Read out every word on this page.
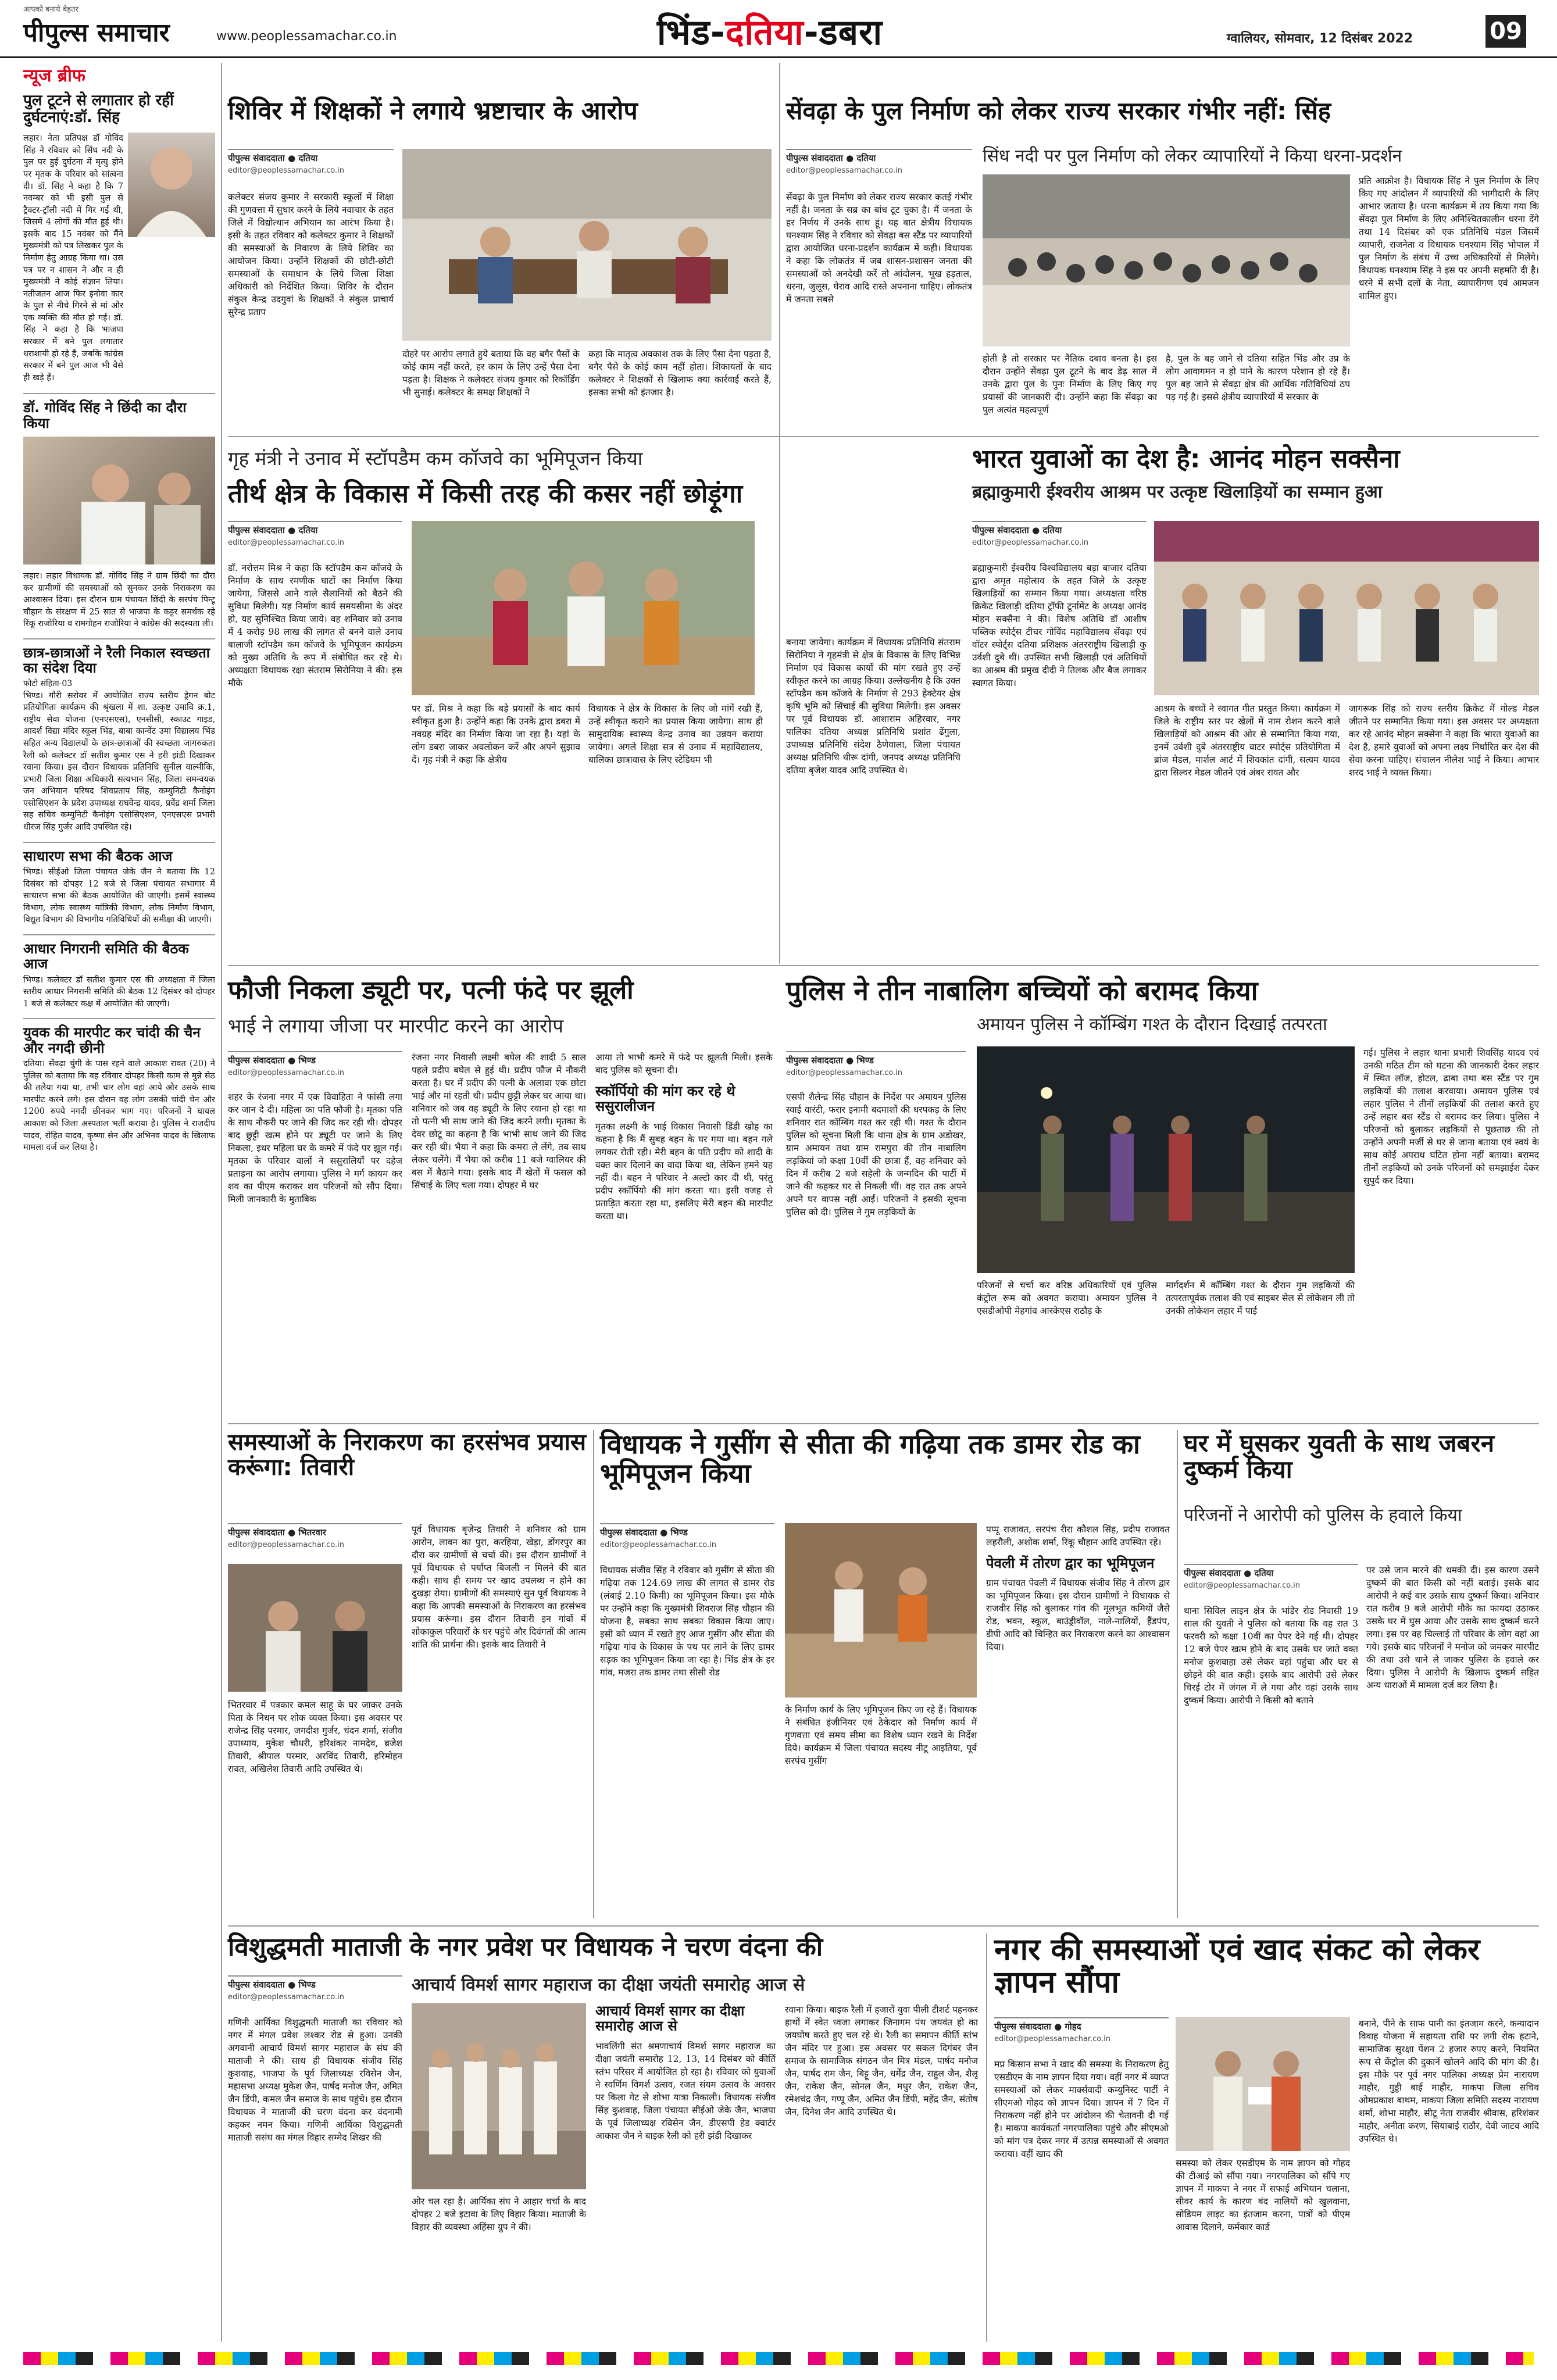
आपको बनाये बेहतर
पीपुल्स समाचार	www.peoplessamachar.co.in	भिंड-दतिया-डबरा	ग्वालियर, सोमवार, 12 दिसंबर 2022	09
न्यूज ब्रीफ
पुल टूटने से लगातार हो रहीं दुर्घटनाएं:डॉ. सिंह
लहार। नेता प्रतिपक्ष डॉ गोविंद सिंह ने रविवार को सिंध नदी के पुल पर हुई दुर्घटना में मृत्यु होने पर मृतक के परिवार को सांत्वना दी। डॉ. सिंह ने कहा है कि 7 नवम्बर को भी इसी पुल से ट्रैक्टर-ट्रॉली नदी में गिर गई थी, जिसमें 4 लोगों की मौत हुई थी। इसके बाद 15 नवंबर को मैंने मुख्यमंत्री को पत्र लिखकर पुल के निर्माण हेतु आग्रह किया था। उस पत्र पर न शासन ने और न ही मुख्यमंत्री ने कोई संज्ञान लिया। नतीजतन आज फिर इनोवा कार के पुल से नीचे गिरने से मां और एक व्यक्ति की मौत हो गई। डॉ. सिंह ने कहा है कि भाजपा सरकार में बने पुल लगातार धराशायी हो रहे हैं, जबकि कांग्रेस सरकार में बने पुल आज भी वैसे ही खड़े हैं।
डॉ. गोविंद सिंह ने छिंदी का दौरा किया
लहार। लहार विधायक डॉ. गोविंद सिंह ने ग्राम छिंदी का दौरा कर ग्रामीणों की समस्याओं को सुनकर उनके निराकरण का आश्वासन दिया। इस दौरान ग्राम पंचायत छिंदी के सरपंच पिन्टू चौहान के संरक्षण में 25 सात से भाजपा के कट्टर समर्थक रहे रिंकू राजोरिया व रामगोहन राजोरिया ने कांग्रेस की सदस्यता ली।
छात्र-छात्राओं ने रैली निकाल स्वच्छता का संदेश दिया
फोटो संहिता-03
भिण्ड। गौरी सरोवर में आयोजित राज्य स्तरीय ड्रेगन बोट प्रतियोगिता कार्यक्रम की श्रृंखला में शा. उत्कृष्ट उमावि क्र.1, राष्ट्रीय सेवा योजना (एनएसएस), एनसीसी, स्काउट गाइड, आदर्श विद्या मंदिर स्कूल भिंड, बाबा कान्वेंट उमा विद्यालय भिंड सहित अन्य विद्यालयों के छात्र-छात्राओं की स्वच्छता जागरुकता रैली को कलेक्टर डॉ सतीश कुमार एस ने हरी झंडी दिखाकर रवाना किया। इस दौरान विधायक प्रतिनिधि सुनील वाल्मीकि, प्रभारी जिला शिक्षा अधिकारी सत्यभान सिंह, जिला समन्वयक जन अभियान परिषद शिवप्रताप सिंह, कम्युनिटी कैनोइंग एसोसिएशन के प्रदेश उपाध्यक्ष राघवेन्द्र यादव, प्रवेंद्र शर्मा जिला सह सचिव कम्युनिटी कैनोइंग एसोसिएशन, एनएसएस प्रभारी धीरज सिंह गुर्जर आदि उपस्थित रहे।
साधारण सभा की बैठक आज
भिण्ड। सीईओ जिला पंचायत जेके जैन ने बताया कि 12 दिसंबर को दोपहर 12 बजे से जिला पंचायत सभागार में साधारण सभा की बैठक आयोजित की जाएगी। इसमें स्वास्थ्य विभाग, लोक स्वास्थ्य यांत्रिकी विभाग, लोक निर्माण विभाग, विद्युत विभाग की विभागीय गतिविधियों की समीक्षा की जाएगी।
आधार निगरानी समिति की बैठक आज
भिण्ड। कलेक्टर डॉ सतीश कुमार एस की अध्यक्षता में जिला स्तरीय आधार निगरानी समिति की बैठक 12 दिसंबर को दोपहर 1 बजे से कलेक्टर कक्ष में आयोजित की जाएगी।
युवक की मारपीट कर चांदी की चैन और नगदी छीनी
दतिया। सेंवढ़ा चुंगी के पास रहने वाले आकाश रावत (20) ने पुलिस को बताया कि वह रविवार दोपहर किसी काम से मुन्ने सेठ की तलैया गया था, तभी चार लोग वहां आये और उसके साथ मारपीट करने लगे। इस दौरान वह लोग उसकी चांदी चेन और 1200 रुपये नगदी छीनकर भाग गए। परिजनों ने घायल आकाश को जिला अस्पताल भर्ती कराया है। पुलिस ने राजदीप यादव, रोहित यादव, कृष्णा सेन और अभिनव यादव के खिलाफ मामला दर्ज कर लिया है।
शिविर में शिक्षकों ने लगाये भ्रष्टाचार के आरोप
पीपुल्स संवाददाता ● दतिया
editor@peoplessamachar.co.in
कलेक्टर संजय कुमार ने सरकारी स्कूलों में शिक्षा की गुणवत्ता में सुधार करने के लिये नवाचार के तहत जिले में विद्योत्थान अभियान का आरंभ किया है। इसी के तहत रविवार को कलेक्टर कुमार ने शिक्षकों की समस्याओं के निवारण के लिये शिविर का आयोजन किया। उन्होंने शिक्षकों की छोटी-छोटी समस्याओं के समाधान के लिये जिला शिक्षा अधिकारी को निर्देशित किया। शिविर के दौरान संकुल केन्द्र उदगुवां के शिक्षकों ने संकुल प्राचार्य सुरेन्द्र प्रताप
दोहरे पर आरोप लगाते हुये बताया कि वह बगैर पैसों के कोई काम नहीं करते, हर काम के लिए उन्हें पैसा देना पड़ता है। शिक्षक ने कलेक्टर संजय कुमार को रिकॉर्डिंग भी सुनाई। कलेक्टर के समक्ष शिक्षकों ने
कहा कि मातृत्व अवकाश तक के लिए पैसा देना पड़ता है, बगैर पैसे के कोई काम नहीं होता। शिकायतों के बाद कलेक्टर ने शिक्षकों से खिलाफ क्या कार्रवाई करते हैं, इसका सभी को इंतजार है।
सेंवढ़ा के पुल निर्माण को लेकर राज्य सरकार गंभीर नहीं: सिंह
सिंध नदी पर पुल निर्माण को लेकर व्यापारियों ने किया धरना-प्रदर्शन
पीपुल्स संवाददाता ● दतिया
editor@peoplessamachar.co.in
सेंवढ़ा के पुल निर्माण को लेकर राज्य सरकार कतई गंभीर नहीं है। जनता के सब्र का बांध टूट चुका है। मैं जनता के हर निर्णय में उनके साथ हूं। यह बात क्षेत्रीय विधायक घनश्याम सिंह ने रविवार को सेंवढ़ा बस स्टैंड पर व्यापारियों द्वारा आयोजित धरना-प्रदर्शन कार्यक्रम में कही। विधायक ने कहा कि लोकतंत्र में जब शासन-प्रशासन जनता की समस्याओं को अनदेखी करें तो आंदोलन, भूख हड़ताल, धरना, जुलूस, घेराव आदि रास्ते अपनाना चाहिए। लोकतंत्र में जनता सबसे
होती है तो सरकार पर नैतिक दबाव बनता है। इस दौरान उन्होंने सेंवढ़ा पुल टूटने के बाद डेढ़ साल में उनके द्वारा पुल के पुनः निर्माण के लिए किए गए प्रयासों की जानकारी दी। उन्होंने कहा कि सेंवढ़ा का पुल अत्यंत महत्वपूर्ण
है, पुल के बह जाने से दतिया सहित भिंड और उप्र के लोग आवागमन न हो पाने के कारण परेशान हो रहे हैं। पुल बह जाने से सेंवढ़ा क्षेत्र की आर्थिक गतिविधियां ठप पड़ गई है। इससे क्षेत्रीय व्यापारियों में सरकार के
प्रति आक्रोश है। विधायक सिंह ने पुल निर्माण के लिए किए गए आंदोलन में व्यापारियों की भागीदारी के लिए आभार जताया है। धरना कार्यक्रम में तय किया गया कि सेंवढ़ा पुल निर्माण के लिए अनिश्चितकालीन धरना देंगे तथा 14 दिसंबर को एक प्रतिनिधि मंडल जिसमें व्यापारी, राजनेता व विधायक घनश्याम सिंह भोपाल में पुल निर्माण के संबंध में उच्च अधिकारियों से मिलेंगे। विधायक घनश्याम सिंह ने इस पर अपनी सहमति दी है। धरने में सभी दलों के नेता, व्यापारीगण एवं आमजन शामिल हुए।
गृह मंत्री ने उनाव में स्टॉपडैम कम कॉजवे का भूमिपूजन किया
तीर्थ क्षेत्र के विकास में किसी तरह की कसर नहीं छोड़ूंगा
पीपुल्स संवाददाता ● दतिया
editor@peoplessamachar.co.in
डॉ. नरोत्तम मिश्र ने कहा कि स्टॉपडैम कम कॉजवे के निर्माण के साथ रमणीक घाटों का निर्माण किया जायेगा, जिससे आने वाले सैलानियों को बैठने की सुविधा मिलेगी। यह निर्माण कार्य समयसीमा के अंदर हो, यह सुनिश्चित किया जाये। वह शनिवार को उनाव में 4 करोड़ 98 लाख की लागत से बनने वाले उनाव बालाजी स्टॉपडैम कम कॉजवे के भूमिपूजन कार्यक्रम को मुख्य अतिथि के रूप में संबोधित कर रहे थे। अध्यक्षता विधायक रक्षा संतराम सिरोनिया ने की। इस मौके
पर डॉ. मिश्र ने कहा कि बड़े प्रयासों के बाद कार्य स्वीकृत हुआ है। उन्होंने कहा कि उनके द्वारा डबरा में नवग्रह मंदिर का निर्माण किया जा रहा है। यहां के लोग डबरा जाकर अवलोकन करें और अपने सुझाव दें। गृह मंत्री ने कहा कि क्षेत्रीय
विधायक ने क्षेत्र के विकास के लिए जो मांगें रखी हैं, उन्हें स्वीकृत कराने का प्रयास किया जायेगा। साथ ही सामुदायिक स्वास्थ्य केन्द्र उनाव का उन्नयन कराया जायेगा। अगले शिक्षा सत्र से उनाव में महाविद्यालय, बालिका छात्रावास के लिए स्टेडियम भी
बनाया जायेगा। कार्यक्रम में विधायक प्रतिनिधि संतराम सिरोनिया ने गृहमंत्री से क्षेत्र के विकास के लिए विभिन्न निर्माण एवं विकास कार्यों की मांग रखते हुए उन्हें स्वीकृत करने का आग्रह किया। उल्लेखनीय है कि उक्त स्टॉपडैम कम कॉजवे के निर्माण से 293 हेक्टेयर क्षेत्र कृषि भूमि को सिंचाई की सुविधा मिलेगी। इस अवसर पर पूर्व विधायक डॉ. आशाराम अहिरवार, नगर पालिका दतिया अध्यक्ष प्रतिनिधि प्रशांत ढेंगुला, उपाध्यक्ष प्रतिनिधि संदेश ठैणेवाला, जिला पंचायत अध्यक्ष प्रतिनिधि धीरू दांगी, जनपद अध्यक्ष प्रतिनिधि दतिया बृजेश यादव आदि उपस्थित थे।
भारत युवाओं का देश है: आनंद मोहन सक्सैना
ब्रह्माकुमारी ईश्वरीय आश्रम पर उत्कृष्ट खिलाड़ियों का सम्मान हुआ
पीपुल्स संवाददाता ● दतिया
editor@peoplessamachar.co.in
ब्रह्माकुमारी ईश्वरीय विश्वविद्यालय बड़ा बाजार दतिया द्वारा अमृत महोत्सव के तहत जिले के उत्कृष्ट खिलाड़ियों का सम्मान किया गया। अध्यक्षता वरिष्ठ क्रिकेट खिलाड़ी दतिया ट्रॉफी टूर्नामेंट के अध्यक्ष आनंद मोहन सक्सैना ने की। विशेष अतिथि डॉ आशीष पब्लिक स्पोर्ट्स टीचर गोविंद महाविद्यालय सेंवढ़ा एवं वॉटर स्पोर्ट्स दतिया प्रशिक्षक अंतरराष्ट्रीय खिलाड़ी कु उर्वशी दुबे थीं। उपस्थित सभी खिलाड़ी एवं अतिथियों का आश्रम की प्रमुख दीदी ने तिलक और बैज लगाकर स्वागत किया।
आश्रम के बच्चों ने स्वागत गीत प्रस्तुत किया। कार्यक्रम में जिले के राष्ट्रीय स्तर पर खेलों में नाम रोशन करने वाले खिलाड़ियों को आश्रम की ओर से सम्मानित किया गया, इनमें उर्वशी दुबे अंतरराष्ट्रीय वाटर स्पोर्ट्स प्रतियोगिता में ब्रांज मेडल, मार्शल आर्ट में शिवकांत दांगी, सत्यम यादव द्वारा सिल्वर मेडल जीतने एवं अंबर रावत और
जागरूक सिंह को राज्य स्तरीय क्रिकेट में गोल्ड मेडल जीतने पर सम्मानित किया गया। इस अवसर पर अध्यक्षता कर रहे आनंद मोहन सक्सेना ने कहा कि भारत युवाओं का देश है, हमारे युवाओं को अपना लक्ष्य निर्धारित कर देश की सेवा करना चाहिए। संचालन नीलेश भाई ने किया। आभार शरद भाई ने व्यक्त किया।
फौजी निकला ड्यूटी पर, पत्नी फंदे पर झूली
भाई ने लगाया जीजा पर मारपीट करने का आरोप
पीपुल्स संवाददाता ● भिण्ड
editor@peoplessamachar.co.in
शहर के रंजना नगर में एक विवाहिता ने फांसी लगा कर जान दे दी। महिला का पति फौजी है। मृतका पति के साथ नौकरी पर जाने की जिद कर रही थी। दोपहर बाद छुट्टी खत्म होने पर ड्यूटी पर जाने के लिए निकला, इधर महिला घर के कमरे में फंदे पर झूल गई। मृतका के परिवार वालों ने ससुरालियों पर दहेज प्रताड़ना का आरोप लगाया। पुलिस ने मर्ग कायम कर शव का पीएम कराकर शव परिजनों को सौंप दिया। मिली जानकारी के मुताबिक
रंजना नगर निवासी लक्ष्मी बघेल की शादी 5 साल पहले प्रदीप बघेल से हुई थी। प्रदीप फौज में नौकरी करता है। घर में प्रदीप की पत्नी के अलावा एक छोटा भाई और मां रहती थी। प्रदीप छुट्टी लेकर घर आया था। शनिवार को जब वह ड्यूटी के लिए रवाना हो रहा था तो पत्नी भी साथ जाने की जिद करने लगी। मृतका के देवर छोटू का कहना है कि भाभी साथ जाने की जिद कर रही थी। भैया ने कहा कि कमरा ले लेंगे, तब साथ लेकर चलेंगे। मैं भैया को करीब 11 बजे ग्वालियर की बस में बैठाने गया। इसके बाद मैं खेतों में फसल को सिंचाई के लिए चला गया। दोपहर में घर
आया तो भाभी कमरे में फंदे पर झूलती मिली। इसके बाद पुलिस को सूचना दी।
स्कॉर्पियो की मांग कर रहे थे ससुरालीजन
मृतका लक्ष्मी के भाई विकास निवासी डिंडी खोह का कहना है कि मैं सुबह बहन के घर गया था। बहन गले लगकर रोती रही। मेरी बहन के पति प्रदीप को शादी के वक्त कार दिलाने का वादा किया था, लेकिन हमने यह नहीं दी। बहन ने परिवार ने अल्टो कार दी थी, परंतु प्रदीप स्कॉर्पियो की मांग करता था। इसी वजह से प्रताड़ित करता रहा था, इसलिए मेरी बहन की मारपीट करता था।
पुलिस ने तीन नाबालिग बच्चियों को बरामद किया
अमायन पुलिस ने कॉम्बिंग गश्त के दौरान दिखाई तत्परता
पीपुल्स संवाददाता ● भिण्ड
editor@peoplessamachar.co.in
एसपी शैलेन्द्र सिंह चौहान के निर्देश पर अमायन पुलिस स्वाई वारंटी, फरार इनामी बदमाशों की धरपकड़ के लिए शनिवार रात कॉम्बिंग गश्त कर रही थी। गश्त के दौरान पुलिस को सूचना मिली कि थाना क्षेत्र के ग्राम अडोखर, ग्राम अमायन तथा ग्राम रामपुरा की तीन नाबालिग लड़कियां जो कक्षा 10वीं की छात्रा हैं, वह शनिवार को दिन में करीब 2 बजे सहेली के जन्मदिन की पार्टी में जाने की कहकर घर से निकली थीं। वह रात तक अपने अपने घर वापस नहीं आईं। परिजनों ने इसकी सूचना पुलिस को दी। पुलिस ने गुम लड़कियों के
परिजनों से चर्चा कर वरिष्ठ अधिकारियों एवं पुलिस कंट्रोल रूम को अवगत कराया। अमायन पुलिस ने एसडीओपी मेहगांव आरकेएस राठौड़ के
मार्गदर्शन में कॉम्बिंग गश्त के दौरान गुम लड़कियों की तत्परतापूर्वक तलाश की एवं साइबर सेल से लोकेशन ली तो उनकी लोकेशन लहार में पाई
गई। पुलिस ने लहार थाना प्रभारी शिवसिंह यादव एवं उनकी गठित टीम को घटना की जानकारी देकर लहार में स्थित लॉज, होटल, ढाबा तथा बस स्टैंड पर गुम लड़कियों की तलाश करवाया। अमायन पुलिस एवं लहार पुलिस ने तीनों लड़कियों की तलाश करते हुए उन्हें लहार बस स्टैंड से बरामद कर लिया। पुलिस ने परिजनों को बुलाकर लड़कियों से पूछताछ की तो उन्होंने अपनी मर्जी से घर से जाना बताया एवं स्वयं के साथ कोई अपराध घटित होना नहीं बताया। बरामद तीनों लड़कियों को उनके परिजनों को समझाईश देकर सुपुर्द कर दिया।
समस्याओं के निराकरण का हरसंभव प्रयास करूंगा: तिवारी
पीपुल्स संवाददाता ● भितरवार
editor@peoplessamachar.co.in
पूर्व विधायक बृजेन्द्र तिवारी ने शनिवार को ग्राम आरोन, लावन का पुरा, करहिया, खेड़ा, डोंगरपुर का दौरा कर ग्रामीणों से चर्चा की। इस दौरान ग्रामीणों ने पूर्व विधायक से पर्याप्त बिजली न मिलने की बात कही। साथ ही समय पर खाद उपलब्ध न होने का दुखड़ा रोया। ग्रामीणों की समस्याएं सुन पूर्व विधायक ने कहा कि आपकी समस्याओं के निराकरण का हरसंभव प्रयास करूंगा। इस दौरान तिवारी इन गांवों में शोकाकुल परिवारों के घर पहुंचे और दिवंगतों की आत्म शांति की प्रार्थना की। इसके बाद तिवारी ने
भितरवार में पत्रकार कमल साहू के घर जाकर उनके पिता के निधन पर शोक व्यक्त किया। इस अवसर पर राजेन्द्र सिंह परमार, जगदीश गुर्जर, चंदन शर्मा, संजीव उपाध्याय, मुकेश चौधरी, हरिशंकर नामदेव, ब्रजेश तिवारी, श्रीपाल परमार, अरविंद तिवारी, हरिमोहन रावत, अखिलेश तिवारी आदि उपस्थित थे।
विधायक ने गुसींग से सीता की गढ़िया तक डामर रोड का भूमिपूजन किया
पीपुल्स संवाददाता ● भिण्ड
editor@peoplessamachar.co.in
विधायक संजीव सिंह ने रविवार को गुसींग से सीता की गढ़िया तक 124.69 लाख की लागत से डामर रोड (लंबाई 2.10 किमी) का भूमिपूजन किया। इस मौके पर उन्होंने कहा कि मुख्यमंत्री शिवराज सिंह चौहान की योजना है, सबका साथ सबका विकास किया जाए। इसी को ध्यान में रखते हुए आज गुसींग और सीता की गढ़िया गांव के विकास के पथ पर लाने के लिए डामर सड़क का भूमिपूजन किया जा रहा है। भिंड क्षेत्र के हर गांव, मजरा तक डामर तथा सीसी रोड
के निर्माण कार्य के लिए भूमिपूजन किए जा रहे हैं। विधायक ने संबंधित इंजीनियर एवं ठेकेदार को निर्माण कार्य में गुणवत्ता एवं समय सीमा का विशेष ध्यान रखने के निर्देश दिये। कार्यक्रम में जिला पंचायत सदस्य नीटू आइतिया, पूर्व सरपंच गुसींग
पप्पू राजावत, सरपंच रीरा कौशल सिंह, प्रदीप राजावत लहरौली, अशोक शर्मा, रिंकू चौहान आदि उपस्थित रहे।
पेवली में तोरण द्वार का भूमिपूजन
ग्राम पंचायत पेवली में विधायक संजीव सिंह ने तोरण द्वार का भूमिपूजन किया। इस दौरान ग्रामीणों ने विधायक से राजवीर सिंह को बुलाकर गांव की मूलभूत कमियों जैसे रोड, भवन, स्कूल, बाउंड्रीवॉल, नाले-नालियों, हैंडपंप, डीपी आदि को चिन्हित कर निराकरण करने का आश्वासन दिया।
घर में घुसकर युवती के साथ जबरन दुष्कर्म किया
परिजनों ने आरोपी को पुलिस के हवाले किया
पीपुल्स संवाददाता ● दतिया
editor@peoplessamachar.co.in
थाना सिविल लाइन क्षेत्र के भांडेर रोड निवासी 19 साल की युवती ने पुलिस को बताया कि वह रात 3 फरवरी को कक्षा 10वीं का पेपर देने गई थी। दोपहर 12 बजे पेपर खत्म होने के बाद उसके घर जाते वक्त मनोज कुशवाहा उसे लेकर वहां पहुंचा और घर से छोड़ने की बात कही। इसके बाद आरोपी उसे लेकर चिरई टोर में जंगल में ले गया और वहां उसके साथ दुष्कर्म किया। आरोपी ने किसी को बताने
पर उसे जान मारने की धमकी दी। इस कारण उसने दुष्कर्म की बात किसी को नहीं बताई। इसके बाद आरोपी ने कई बार उसके साथ दुष्कर्म किया। शनिवार रात करीब 9 बजे आरोपी मौके का फायदा उठाकर उसके घर में घुस आया और उसके साथ दुष्कर्म करने लगा। इस पर वह चिल्लाई तो परिवार के लोग वहां आ गये। इसके बाद परिजनों ने मनोज को जमकर मारपीट की तथा उसे थाने ले जाकर पुलिस के हवाले कर दिया। पुलिस ने आरोपी के खिलाफ दुष्कर्म सहित अन्य धाराओं में मामला दर्ज कर लिया है।
विशुद्धमती माताजी के नगर प्रवेश पर विधायक ने चरण वंदना की
आचार्य विमर्श सागर महाराज का दीक्षा जयंती समारोह आज से
पीपुल्स संवाददाता ● भिण्ड
editor@peoplessamachar.co.in
गणिनी आर्यिका विशुद्धमती माताजी का रविवार को नगर में मंगल प्रवेश लश्कर रोड से हुआ। उनकी अगवानी आचार्य विमर्श सागर महाराज के संघ की माताजी ने की। साथ ही विधायक संजीव सिंह कुशवाह, भाजपा के पूर्व जिलाध्यक्ष रविसेन जैन, महासभा अध्यक्ष मुकेश जैन, पार्षद मनोज जैन, अमित जैन डिंपी, कमल जैन समाज के साथ पहुंचे। इस दौरान विधायक ने माताजी की चरण वंदना कर वंदनामी कहकर नमन किया। गणिनी आर्यिका विशुद्धमती माताजी ससंघ का मंगल विहार सम्मेद शिखर की
ओर चल रहा है। आर्यिका संघ ने आहार चर्चा के बाद दोपहर 2 बजे इटावा के लिए विहार किया। माताजी के विहार की व्यवस्था अहिंसा ग्रुप ने की।
आचार्य विमर्श सागर का दीक्षा समारोह आज से
भावलिंगी संत श्रमणाचार्य विमर्श सागर महाराज का दीक्षा जयंती समारोह 12, 13, 14 दिसंबर को कीर्ति स्तंभ परिसर में आयोजित हो रहा है। रविवार को युवाओं ने स्वर्णिम विमर्श उत्सव, रजत संयम उत्सव के अवसर पर किला गेट से शोभा यात्रा निकाली। विधायक संजीव सिंह कुशवाह, जिला पंचायत सीईओ जेके जैन, भाजपा के पूर्व जिलाध्यक्ष रविसेन जैन, डीएसपी हेड क्वार्टर आकाश जैन ने बाइक रैली को हरी झंडी दिखाकर
रवाना किया। बाइक रैली में हजारों युवा पीली टीशर्ट पहनकर हाथों में स्वेत ध्वजा लगाकर जिनागम पंथ जयवंत हो का जयघोष करते हुए चल रहे थे। रैली का समापन कीर्ति स्तंभ जैन मंदिर पर हुआ। इस अवसर पर सकल दिगंबर जैन समाज के सामाजिक संगठन जैन मित्र मंडल, पार्षद मनोज जैन, पार्षद राम जैन, बिट्टू जैन, धर्मेंद्र जैन, राहुल जैन, शैलू जैन, राकेश जैन, सोनल जैन, मधुर जैन, राकेश जैन, रमेशचंद्र जैन, गप्पू जैन, अमित जैन डिंपी, महेंद्र जैन, संतोष जैन, दिनेश जैन आदि उपस्थित थे।
नगर की समस्याओं एवं खाद संकट को लेकर ज्ञापन सौंपा
पीपुल्स संवाददाता ● गोहद
editor@peoplessamachar.co.in
मप्र किसान सभा ने खाद की समस्या के निराकरण हेतु एसडीएम के नाम ज्ञापन दिया गया। वहीं नगर में व्याप्त समस्याओं को लेकर मार्क्सवादी कम्युनिस्ट पार्टी ने सीएमओ गोहद को ज्ञापन दिया। ज्ञापन में 7 दिन में निराकरण नहीं होने पर आंदोलन की चेतावनी दी गई है। माकपा कार्यकर्ता नगरपालिका पहुंचे और सीएमओ को मांग पत्र देकर नगर में उत्पन्न समस्याओं से अवगत कराया। वहीं खाद की
समस्या को लेकर एसडीएम के नाम ज्ञापन को गोहद की टीआई को सौंपा गया। नगरपालिका को सौंपे गए ज्ञापन में माकपा ने नगर में सफाई अभियान चलाना, सीवर कार्य के कारण बंद नालियों को खुलवाना, सोडियम लाइट का इंतजाम करना, पात्रों को पीएम आवास दिलाने, कर्मकार कार्ड
बनाने, पीने के साफ पानी का इंतजाम करने, कन्यादान विवाह योजना में सहायता राशि पर लगी रोक हटाने, सामाजिक सुरक्षा पेंशन 2 हजार रुपए करने, नियमित रूप से केंट्रोल की दुकानें खोलने आदि की मांग की है। इस मौके पर पूर्व नगर पालिका अध्यक्ष प्रेम नारायण माहौर, गुड्डी बाई माहौर, माकपा जिला सचिव ओमप्रकाश बाथम, माकपा जिला समिति सदस्य नारायण शर्मा, शोभा माहौर, सीटू नेता राजवीर श्रीवास, हरिशंकर माहौर, अनीता करण, सियाबाई राठौर, देवी जाटव आदि उपस्थित थे।
